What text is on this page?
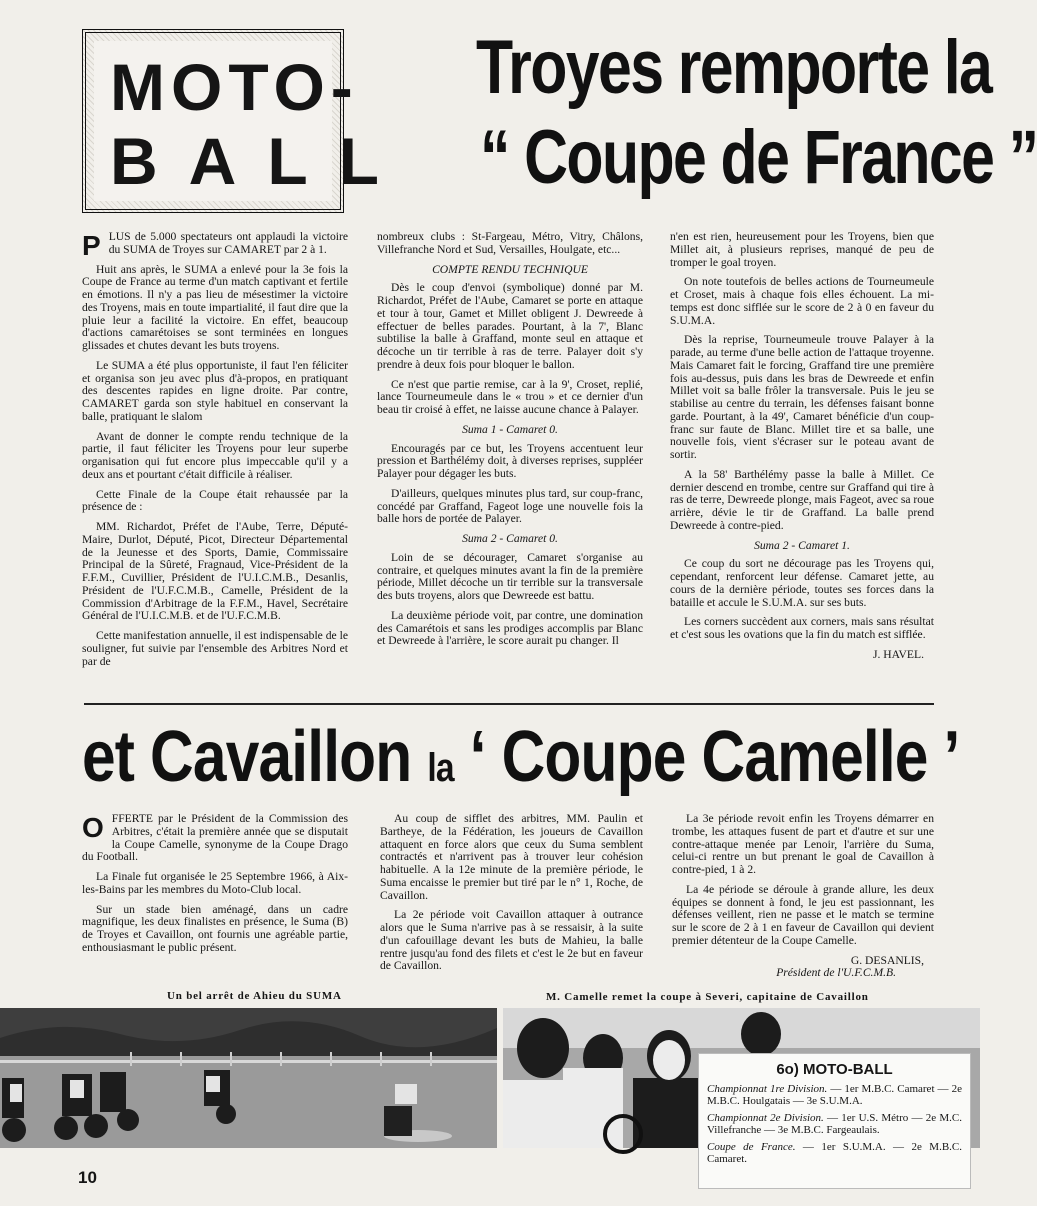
MOTO-
BALL
Troyes remporte la
“ Coupe de France ”

PLUS de 5.000 spectateurs ont applaudi la victoire du SUMA de Troyes sur CAMARET par 2 à 1.

Huit ans après, le SUMA a enlevé pour la 3e fois la Coupe de France au terme d'un match captivant et fertile en émotions. Il n'y a pas lieu de mésestimer la victoire des Troyens, mais en toute impartialité, il faut dire que la pluie leur a facilité la victoire. En effet, beaucoup d'actions camarétoises se sont terminées en longues glissades et chutes devant les buts troyens.

Le SUMA a été plus opportuniste, il faut l'en féliciter et organisa son jeu avec plus d'à-propos, en pratiquant des descentes rapides en ligne droite. Par contre, CAMARET garda son style habituel en conservant la balle, pratiquant le slalom

Avant de donner le compte rendu technique de la partie, il faut féliciter les Troyens pour leur superbe organisation qui fut encore plus impeccable qu'il y a deux ans et pourtant c'était difficile à réaliser.

Cette Finale de la Coupe était rehaussée par la présence de :

MM. Richardot, Préfet de l'Aube, Terre, Député-Maire, Durlot, Député, Picot, Directeur Départemental de la Jeunesse et des Sports, Damie, Commissaire Principal de la Sûreté, Fragnaud, Vice-Président de la F.F.M., Cuvillier, Président de l'U.I.C.M.B., Desanlis, Président de l'U.F.C.M.B., Camelle, Président de la Commission d'Arbitrage de la F.F.M., Havel, Secrétaire Général de l'U.I.C.M.B. et de l'U.F.C.M.B.

Cette manifestation annuelle, il est indispensable de le souligner, fut suivie par l'ensemble des Arbitres Nord et par de

nombreux clubs : St-Fargeau, Métro, Vitry, Châlons, Villefranche Nord et Sud, Versailles, Houlgate, etc...

COMPTE RENDU TECHNIQUE

Dès le coup d'envoi (symbolique) donné par M. Richardot, Préfet de l'Aube, Camaret se porte en attaque et tour à tour, Gamet et Millet obligent J. Dewreede à effectuer de belles parades. Pourtant, à la 7', Blanc subtilise la balle à Graffand, monte seul en attaque et décoche un tir terrible à ras de terre. Palayer doit s'y prendre à deux fois pour bloquer le ballon.

Ce n'est que partie remise, car à la 9', Croset, replié, lance Tourneumeule dans le « trou » et ce dernier d'un beau tir croisé à effet, ne laisse aucune chance à Palayer.

Suma 1 - Camaret 0.

Encouragés par ce but, les Troyens accentuent leur pression et Barthélémy doit, à diverses reprises, suppléer Palayer pour dégager les buts.

D'ailleurs, quelques minutes plus tard, sur coup-franc, concédé par Graffand, Fageot loge une nouvelle fois la balle hors de portée de Palayer.

Suma 2 - Camaret 0.

Loin de se décourager, Camaret s'organise au contraire, et quelques minutes avant la fin de la première période, Millet décoche un tir terrible sur la transversale des buts troyens, alors que Dewreede est battu.

La deuxième période voit, par contre, une domination des Camarétois et sans les prodiges accomplis par Blanc et Dewreede à l'arrière, le score aurait pu changer. Il

n'en est rien, heureusement pour les Troyens, bien que Millet ait, à plusieurs reprises, manqué de peu de tromper le goal troyen.

On note toutefois de belles actions de Tourneumeule et Croset, mais à chaque fois elles échouent. La mi-temps est donc sifflée sur le score de 2 à 0 en faveur du S.U.M.A.

Dès la reprise, Tourneumeule trouve Palayer à la parade, au terme d'une belle action de l'attaque troyenne. Mais Camaret fait le forcing, Graffand tire une première fois au-dessus, puis dans les bras de Dewreede et enfin Millet voit sa balle frôler la transversale. Puis le jeu se stabilise au centre du terrain, les défenses faisant bonne garde. Pourtant, à la 49', Camaret bénéficie d'un coup-franc sur faute de Blanc. Millet tire et sa balle, une nouvelle fois, vient s'écraser sur le poteau avant de sortir.

A la 58' Barthélémy passe la balle à Millet. Ce dernier descend en trombe, centre sur Graffand qui tire à ras de terre, Dewreede plonge, mais Fageot, avec sa roue arrière, dévie le tir de Graffand. La balle prend Dewreede à contre-pied.

Suma 2 - Camaret 1.

Ce coup du sort ne décourage pas les Troyens qui, cependant, renforcent leur défense. Camaret jette, au cours de la dernière période, toutes ses forces dans la bataille et accule le S.U.M.A. sur ses buts.

Les corners succèdent aux corners, mais sans résultat et c'est sous les ovations que la fin du match est sifflée.

J. HAVEL.

et Cavaillon la ‘ Coupe Camelle ’

OFFERTE par le Président de la Commission des Arbitres, c'était la première année que se disputait la Coupe Camelle, synonyme de la Coupe Drago du Football.

La Finale fut organisée le 25 Septembre 1966, à Aix-les-Bains par les membres du Moto-Club local.

Sur un stade bien aménagé, dans un cadre magnifique, les deux finalistes en présence, le Suma (B) de Troyes et Cavaillon, ont fournis une agréable partie, enthousiasmant le public présent.

Au coup de sifflet des arbitres, MM. Paulin et Bartheye, de la Fédération, les joueurs de Cavaillon attaquent en force alors que ceux du Suma semblent contractés et n'arrivent pas à trouver leur cohésion habituelle. A la 12e minute de la première période, le Suma encaisse le premier but tiré par le n° 1, Roche, de Cavaillon.

La 2e période voit Cavaillon attaquer à outrance alors que le Suma n'arrive pas à se ressaisir, à la suite d'un cafouillage devant les buts de Mahieu, la balle rentre jusqu'au fond des filets et c'est le 2e but en faveur de Cavaillon.

La 3e période revoit enfin les Troyens démarrer en trombe, les attaques fusent de part et d'autre et sur une contre-attaque menée par Lenoir, l'arrière du Suma, celui-ci rentre un but prenant le goal de Cavaillon à contre-pied, 1 à 2.

La 4e période se déroule à grande allure, les deux équipes se donnent à fond, le jeu est passionnant, les défenses veillent, rien ne passe et le match se termine sur le score de 2 à 1 en faveur de Cavaillon qui devient premier détenteur de la Coupe Camelle.

G. DESANLIS,

Président de l'U.F.C.M.B.

Un bel arrêt de Ahieu du SUMA	M. Camelle remet la coupe à Severi, capitaine de Cavaillon
6o) MOTO-BALL
Championnat 1re Division. — 1er M.B.C. Camaret — 2e M.B.C. Houlgatais — 3e S.U.M.A.
Championnat 2e Division. — 1er U.S. Métro — 2e M.C. Villefranche — 3e M.B.C. Fargeaulais.
Coupe de France. — 1er S.U.M.A. — 2e M.B.C. Camaret.
10
